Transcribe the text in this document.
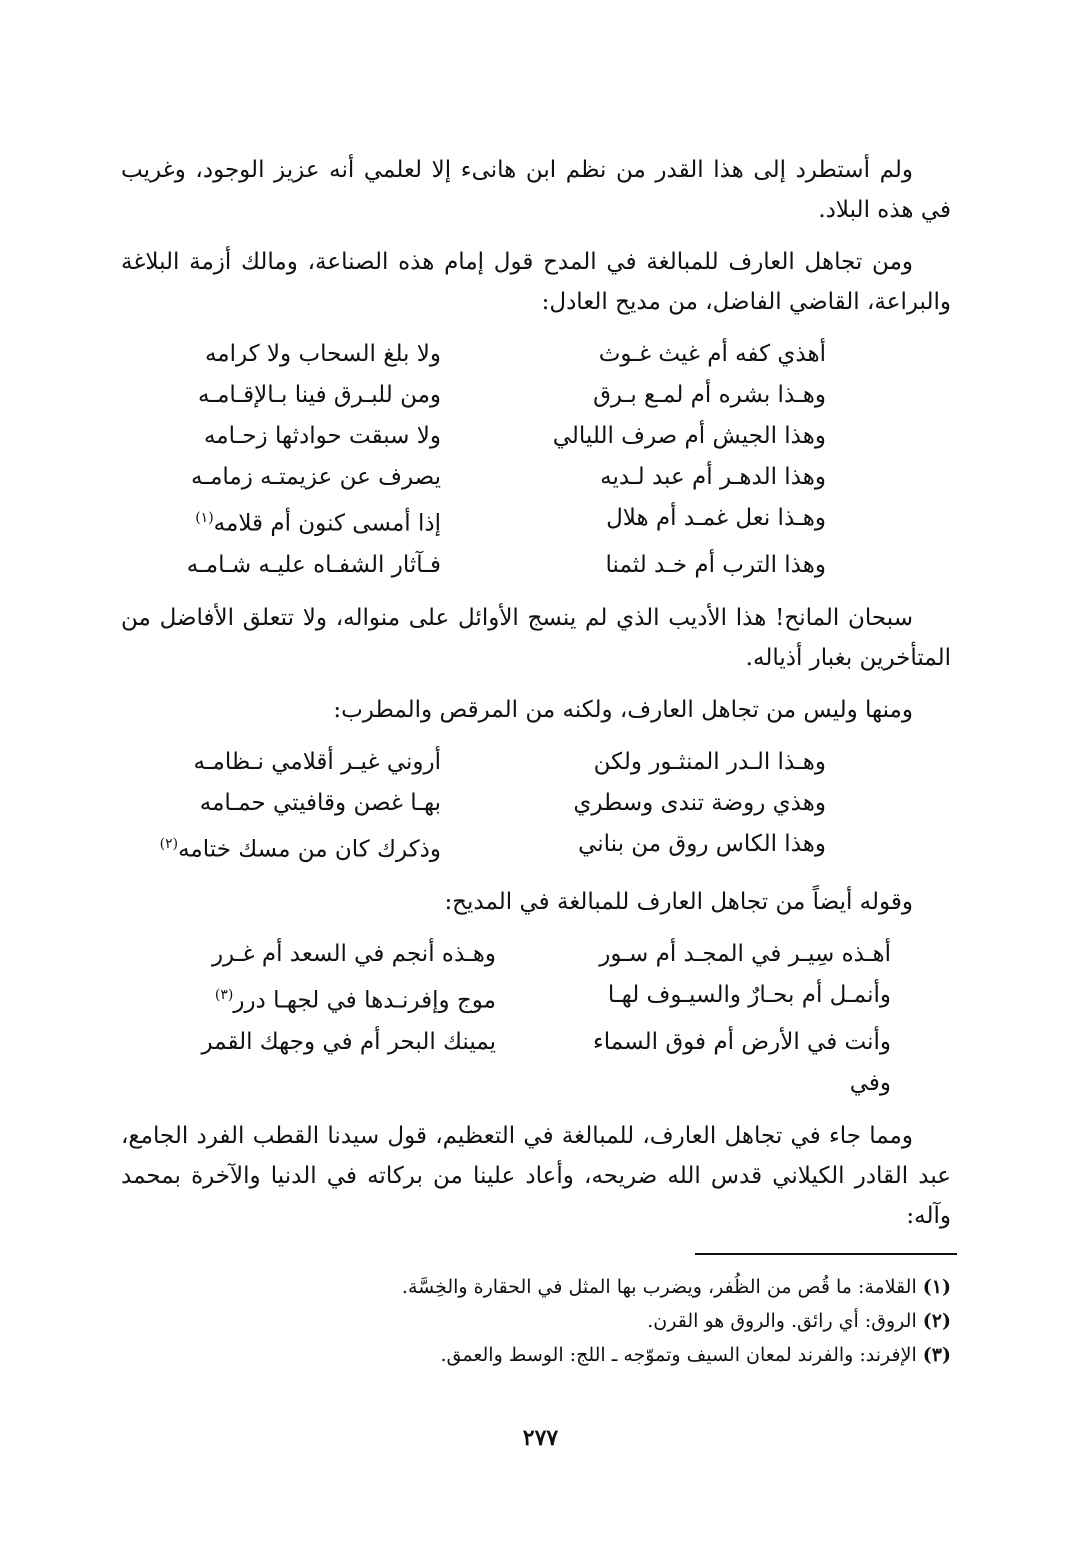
ولم أستطرد إلى هذا القدر من نظم ابن هانىء إلا لعلمي أنه عزيز الوجود، وغريب في هذه البلاد.

ومن تجاهل العارف للمبالغة في المدح قول إمام هذه الصناعة، ومالك أزمة البلاغة والبراعة، القاضي الفاضل، من مديح العادل:

أهذي كفه أم غيث غـوث
ولا بلغ السحاب ولا كرامه
وهـذا بشره أم لمـع بـرق
ومن للبـرق فينا بـالإقـامـه
وهذا الجيش أم صرف الليالي
ولا سبقت حوادثها زحـامه
وهذا الدهـر أم عبد لـديه
يصرف عن عزيمتـه زمامـه
وهـذا نعل غمـد أم هلال
إذا أمسى كنون أم قلامه$^{(١)}$
وهذا الترب أم خـد لثمنا
فـآثار الشفـاه عليـه شـامـه

سبحان المانح! هذا الأديب الذي لم ينسج الأوائل على منواله، ولا تتعلق الأفاضل من المتأخرين بغبار أذياله.

ومنها وليس من تجاهل العارف، ولكنه من المرقص والمطرب:

وهـذا الـدر المنثـور ولكن
أروني غيـر أقلامي نـظامـه
وهذي روضة تندى وسطري
بهـا غصن وقافيتي حمـامه
وهذا الكاس روق من بناني
وذكرك كان من مسك ختامه$^{(٢)}$

وقوله أيضاً من تجاهل العارف للمبالغة في المديح:

أهـذه سِيـر في المجـد أم سـور
وهـذه أنجم في السعد أم غـرر
وأنمـل أم بحـارٌ والسيـوف لهـا
موج وإفرنـدها في لجهـا درر$^{(٣)}$
وأنت في الأرض أم فوق السماء وفي
يمينك البحر أم في وجهك القمر

ومما جاء في تجاهل العارف، للمبالغة في التعظيم، قول سيدنا القطب الفرد الجامع، عبد القادر الكيلاني قدس الله ضريحه، وأعاد علينا من بركاته في الدنيا والآخرة بمحمد وآله:

(١) القلامة: ما قُص من الظُفر، ويضرب بها المثل في الحقارة والخِسَّة.
(٢) الروق: أي رائق. والروق هو القرن.
(٣) الإفرند: والفرند لمعان السيف وتموّجه ـ اللج: الوسط والعمق.
٢٧٧
